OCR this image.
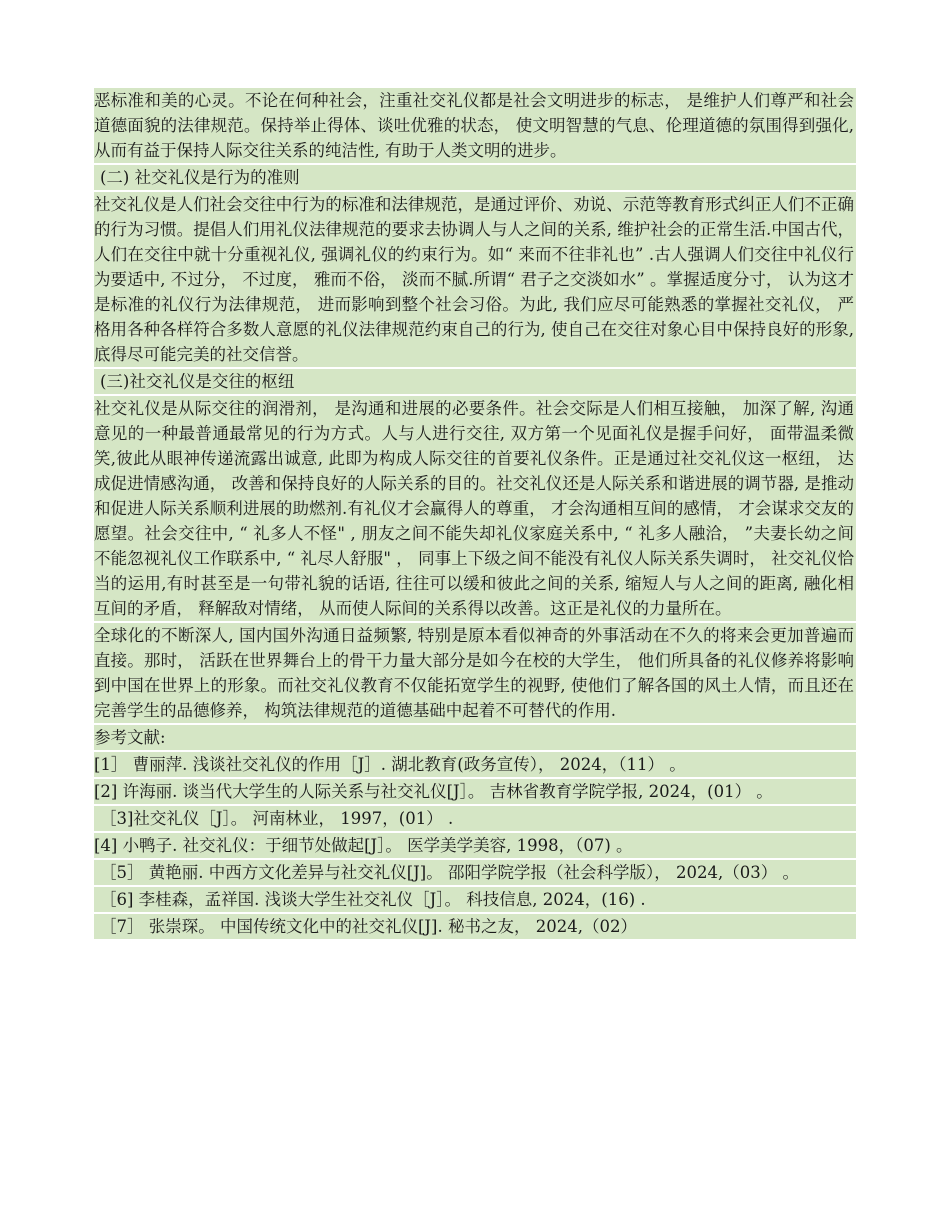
恶标准和美的心灵。不论在何种社会，注重社交礼仪都是社会文明进步的标志， 是维护人们尊严和社会道德面貌的法律规范。保持举止得体、谈吐优雅的状态， 使文明智慧的气息、伦理道德的氛围得到强化, 从而有益于保持人际交往关系的纯洁性, 有助于人类文明的进步。

(二) 社交礼仪是行为的准则

社交礼仪是人们社会交往中行为的标准和法律规范，是通过评价、劝说、示范等教育形式纠正人们不正确的行为习惯。提倡人们用礼仪法律规范的要求去协调人与人之间的关系, 维护社会的正常生活.中国古代， 人们在交往中就十分重视礼仪, 强调礼仪的约束行为。如“ 来而不往非礼也” .古人强调人们交往中礼仪行为要适中, 不过分， 不过度， 雅而不俗， 淡而不腻.所谓“ 君子之交淡如水” 。掌握适度分寸， 认为这才是标准的礼仪行为法律规范， 进而影响到整个社会习俗。为此, 我们应尽可能熟悉的掌握社交礼仪， 严格用各种各样符合多数人意愿的礼仪法律规范约束自己的行为, 使自己在交往对象心目中保持良好的形象, 底得尽可能完美的社交信誉。

(三)社交礼仪是交往的枢纽

社交礼仪是从际交往的润滑剂， 是沟通和进展的必要条件。社会交际是人们相互接触， 加深了解, 沟通意见的一种最普通最常见的行为方式。人与人进行交往, 双方第一个见面礼仪是握手问好， 面带温柔微笑,彼此从眼神传递流露出诚意, 此即为构成人际交往的首要礼仪条件。正是通过社交礼仪这一枢纽， 达成促进情感沟通， 改善和保持良好的人际关系的目的。社交礼仪还是人际关系和谐进展的调节器, 是推动和促进人际关系顺利进展的助燃剂.有礼仪才会赢得人的尊重， 才会沟通相互间的感情， 才会谋求交友的愿望。社会交往中, “ 礼多人不怪" , 朋友之间不能失却礼仪家庭关系中, “ 礼多人融洽， ”夫妻长幼之间不能忽视礼仪工作联系中, “ 礼尽人舒服" ， 同事上下级之间不能没有礼仪人际关系失调时， 社交礼仪恰当的运用,有时甚至是一句带礼貌的话语, 往往可以缓和彼此之间的关系, 缩短人与人之间的距离, 融化相互间的矛盾， 释解敌对情绪， 从而使人际间的关系得以改善。这正是礼仪的力量所在。

全球化的不断深人, 国内国外沟通日益频繁, 特别是原本看似神奇的外事活动在不久的将来会更加普遍而直接。那时， 活跃在世界舞台上的骨干力量大部分是如今在校的大学生， 他们所具备的礼仪修养将影响到中国在世界上的形象。而社交礼仪教育不仅能拓宽学生的视野, 使他们了解各国的风土人情，而且还在完善学生的品德修养， 构筑法律规范的道德基础中起着不可替代的作用.

参考文献:

[1］ 曹丽萍. 浅谈社交礼仪的作用［J］. 湖北教育(政务宣传）， 2024，（11） 。

[2] 许海丽. 谈当代大学生的人际关系与社交礼仪[J］。 吉林省教育学院学报, 2024，(01） 。

［3]社交礼仪［J］。 河南林业， 1997，(01） .

[4] 小鸭子. 社交礼仪：于细节处做起[J］。 医学美学美容, 1998，（07) 。

［5］ 黄艳丽. 中西方文化差异与社交礼仪[J]。 邵阳学院学报（社会科学版）， 2024,（03） 。

［6] 李桂森，孟祥国. 浅谈大学生社交礼仪［J］。 科技信息, 2024，(16) .

［7］ 张崇琛。 中国传统文化中的社交礼仪[J]. 秘书之友， 2024,（02）
